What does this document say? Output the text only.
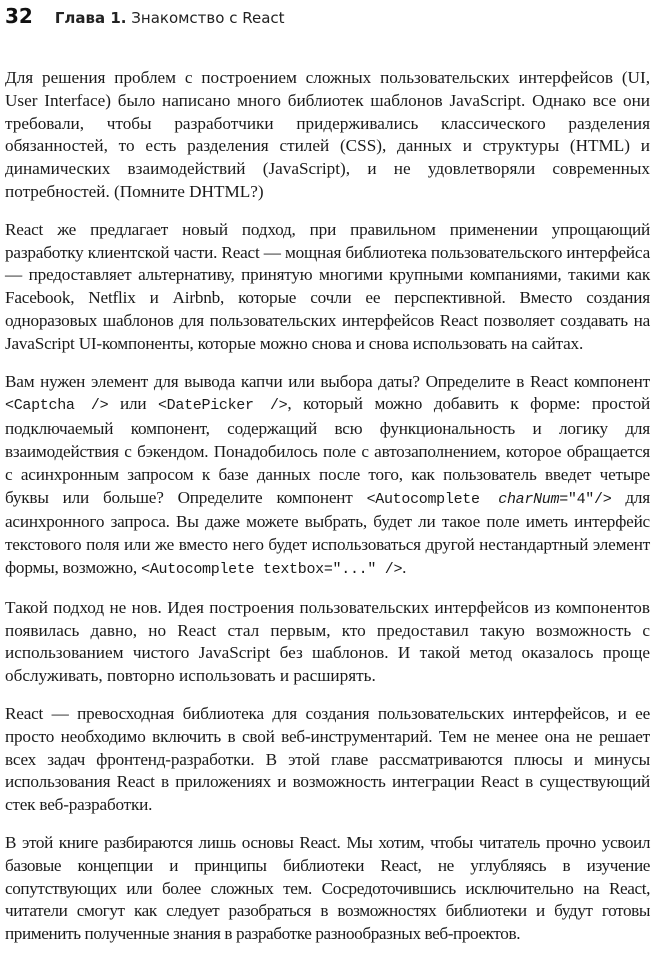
32 Глава 1. Знакомство с React

Для решения проблем с построением сложных пользовательских интерфейсов (UI, User Interface) было написано много библиотек шаблонов JavaScript. Однако все они требовали, чтобы разработчики придерживались классического разделения обязанностей, то есть разделения стилей (CSS), данных и структуры (HTML) и динамических взаимодействий (JavaScript), и не удовлетворяли современных потребностей. (Помните DHTML?)

React же предлагает новый подход, при правильном применении упрощающий разработку клиентской части. React — мощная библиотека пользовательского интерфейса — предоставляет альтернативу, принятую многими крупными компаниями, такими как Facebook, Netflix и Airbnb, которые сочли ее перспективной. Вместо создания одноразовых шаблонов для пользовательских интерфейсов React позволяет создавать на JavaScript UI-компоненты, которые можно снова и снова использовать на сайтах.

Вам нужен элемент для вывода капчи или выбора даты? Определите в React компонент <Captcha /> или <DatePicker />, который можно добавить к форме: простой подключаемый компонент, содержащий всю функциональность и логику для взаимодействия с бэкендом. Понадобилось поле с автозаполнением, которое обращается с асинхронным запросом к базе данных после того, как пользователь введет четыре буквы или больше? Определите компонент <Autocomplete charNum="4"/> для асинхронного запроса. Вы даже можете выбрать, будет ли такое поле иметь интерфейс текстового поля или же вместо него будет использоваться другой нестандартный элемент формы, возможно, <Autocomplete textbox="..." />.

Такой подход не нов. Идея построения пользовательских интерфейсов из компонентов появилась давно, но React стал первым, кто предоставил такую возможность с использованием чистого JavaScript без шаблонов. И такой метод оказалось проще обслуживать, повторно использовать и расширять.

React — превосходная библиотека для создания пользовательских интерфейсов, и ее просто необходимо включить в свой веб-инструментарий. Тем не менее она не решает всех задач фронтенд-разработки. В этой главе рассматриваются плюсы и минусы использования React в приложениях и возможность интеграции React в существующий стек веб-разработки.

В этой книге разбираются лишь основы React. Мы хотим, чтобы читатель прочно усвоил базовые концепции и принципы библиотеки React, не углубляясь в изучение сопутствующих или более сложных тем. Сосредоточившись исключительно на React, читатели смогут как следует разобраться в возможностях библиотеки и будут готовы применить полученные знания в разработке разнообразных веб-проектов.
